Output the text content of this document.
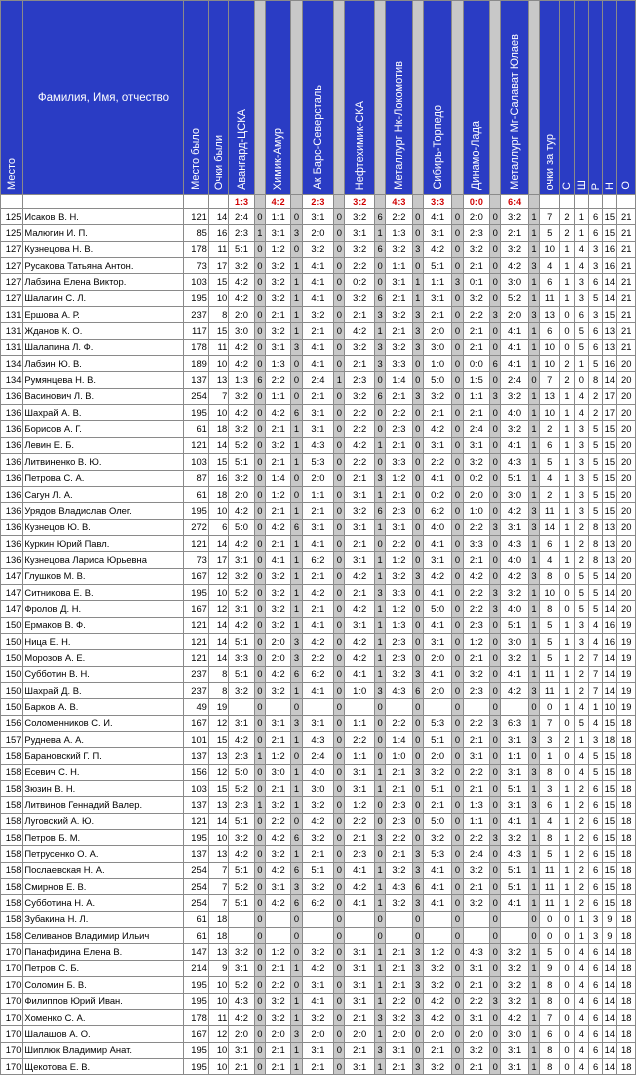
Место	Фамилия, Имя, отчество	Место было	Очки были	Авангард-ЦСКА		Химик-Амур		Ак Барс-Северсталь		Нефтехимик-СКА		Металлург Нк-Локомотив		Сибирь-Торпедо		Динамо-Лада		Металлург Мг-Салават Юлаев		очки за тур	С	Ш	Р	Н	О

				1:3		4:2		2:3		3:2		4:3		3:3		0:0		6:4							
125	Исаков В. Н.	121	14	2:4	0	1:1	0	3:1	0	3:2	6	2:2	0	4:1	0	2:0	0	3:2	1	7	2	1	6	15	21
125	Малюгин И. П.	85	16	2:3	1	3:1	3	2:0	0	3:1	1	1:3	0	3:1	0	2:3	0	2:1	1	5	2	1	6	15	21
127	Кузнецова Н. В.	178	11	5:1	0	1:2	0	3:2	0	3:2	6	3:2	3	4:2	0	3:2	0	3:2	1	10	1	4	3	16	21
127	Русакова Татьяна Антон.	73	17	3:2	0	3:2	1	4:1	0	2:2	0	1:1	0	5:1	0	2:1	0	4:2	3	4	1	4	3	16	21
127	Лабзина Елена Виктор.	103	15	4:2	0	3:2	1	4:1	0	0:2	0	3:1	1	1:1	3	0:1	0	3:0	1	6	1	3	6	14	21
127	Шалагин С. Л.	195	10	4:2	0	3:2	1	4:1	0	3:2	6	2:1	1	3:1	0	3:2	0	5:2	1	11	1	3	5	14	21
131	Ершова А. Р.	237	8	2:0	0	2:1	1	3:2	0	2:1	3	3:2	3	2:1	0	2:2	3	2:0	3	13	0	6	3	15	21
131	Жданов К. О.	117	15	3:0	0	3:2	1	2:1	0	4:2	1	2:1	3	2:0	0	2:1	0	4:1	1	6	0	5	6	13	21
131	Шалапина Л. Ф.	178	11	4:2	0	3:1	3	4:1	0	3:2	3	3:2	3	3:0	0	2:1	0	4:1	1	10	0	5	6	13	21
134	Лабзин Ю. В.	189	10	4:2	0	1:3	0	4:1	0	2:1	3	3:3	0	1:0	0	0:0	6	4:1	1	10	2	1	5	16	20
134	Румянцева Н. В.	137	13	1:3	6	2:2	0	2:4	1	2:3	0	1:4	0	5:0	0	1:5	0	2:4	0	7	2	0	8	14	20
136	Васинович Л. В.	254	7	3:2	0	1:1	0	2:1	0	3:2	6	2:1	3	3:2	0	1:1	3	3:2	1	13	1	4	2	17	20
136	Шахрай А. В.	195	10	4:2	0	4:2	6	3:1	0	2:2	0	2:2	0	2:1	0	2:1	0	4:0	1	10	1	4	2	17	20
136	Борисов А. Г.	61	18	3:2	0	2:1	1	3:1	0	2:2	0	2:3	0	4:2	0	2:4	0	3:2	1	2	1	3	5	15	20
136	Левин Е. Б.	121	14	5:2	0	3:2	1	4:3	0	4:2	1	2:1	0	3:1	0	3:1	0	4:1	1	6	1	3	5	15	20
136	Литвиненко В. Ю.	103	15	5:1	0	2:1	1	5:3	0	2:2	0	3:3	0	2:2	0	3:2	0	4:3	1	5	1	3	5	15	20
136	Петрова С. А.	87	16	3:2	0	1:4	0	2:0	0	2:1	3	1:2	0	4:1	0	0:2	0	5:1	1	4	1	3	5	15	20
136	Сагун Л. А.	61	18	2:0	0	1:2	0	1:1	0	3:1	1	2:1	0	0:2	0	2:0	0	3:0	1	2	1	3	5	15	20
136	Урядов Владислав Олег.	195	10	4:2	0	2:1	1	2:1	0	3:2	6	2:3	0	6:2	0	1:0	0	4:2	3	11	1	3	5	15	20
136	Кузнецов Ю. В.	272	6	5:0	0	4:2	6	3:1	0	3:1	1	3:1	0	4:0	0	2:2	3	3:1	3	14	1	2	8	13	20
136	Куркин Юрий Павл.	121	14	4:2	0	2:1	1	4:1	0	2:1	0	2:2	0	4:1	0	3:3	0	4:3	1	6	1	2	8	13	20
136	Кузнецова Лариса Юрьевна	73	17	3:1	0	4:1	1	6:2	0	3:1	1	1:2	0	3:1	0	2:1	0	4:0	1	4	1	2	8	13	20
147	Глушков М. В.	167	12	3:2	0	3:2	1	2:1	0	4:2	1	3:2	3	4:2	0	4:2	0	4:2	3	8	0	5	5	14	20
147	Ситникова Е. В.	195	10	5:2	0	3:2	1	4:2	0	2:1	3	3:3	0	4:1	0	2:2	3	3:2	1	10	0	5	5	14	20
147	Фролов Д. Н.	167	12	3:1	0	3:2	1	2:1	0	4:2	1	1:2	0	5:0	0	2:2	3	4:0	1	8	0	5	5	14	20
150	Ермаков В. Ф.	121	14	4:2	0	3:2	1	4:1	0	3:1	1	1:3	0	4:1	0	2:3	0	5:1	1	5	1	3	4	16	19
150	Ница Е. Н.	121	14	5:1	0	2:0	3	4:2	0	4:2	1	2:3	0	3:1	0	1:2	0	3:0	1	5	1	3	4	16	19
150	Морозов А. Е.	121	14	3:3	0	2:0	3	2:2	0	4:2	1	2:3	0	2:0	0	2:1	0	3:2	1	5	1	2	7	14	19
150	Субботин В. Н.	237	8	5:1	0	4:2	6	6:2	0	4:1	1	3:2	3	4:1	0	3:2	0	4:1	1	11	1	2	7	14	19
150	Шахрай Д. В.	237	8	3:2	0	3:2	1	4:1	0	1:0	3	4:3	6	2:0	0	2:3	0	4:2	3	11	1	2	7	14	19
150	Барков А. В.	49	19		0		0		0		0		0		0		0		0	0	1	4	1	10	19
156	Соломенников С. И.	167	12	3:1	0	3:1	3	3:1	0	1:1	0	2:2	0	5:3	0	2:2	3	6:3	1	7	0	5	4	15	18
157	Руднева А. А.	101	15	4:2	0	2:1	1	4:3	0	2:2	0	1:4	0	5:1	0	2:1	0	3:1	3	3	2	1	3	18	18
158	Барановский Г. П.	137	13	2:3	1	1:2	0	2:4	0	1:1	0	1:0	0	2:0	0	3:1	0	1:1	0	1	0	4	5	15	18
158	Есевич С. Н.	156	12	5:0	0	3:0	1	4:0	0	3:1	1	2:1	3	3:2	0	2:2	0	3:1	3	8	0	4	5	15	18
158	Зюзин В. Н.	103	15	5:2	0	2:1	1	3:0	0	3:1	1	2:1	0	5:1	0	2:1	0	5:1	1	3	1	2	6	15	18
158	Литвинов Геннадий Валер.	137	13	2:3	1	3:2	1	3:2	0	1:2	0	2:3	0	2:1	0	1:3	0	3:1	3	6	1	2	6	15	18
158	Луговский А. Ю.	121	14	5:1	0	2:2	0	4:2	0	2:2	0	2:3	0	5:0	0	1:1	0	4:1	1	4	1	2	6	15	18
158	Петров Б. М.	195	10	3:2	0	4:2	6	3:2	0	2:1	3	2:2	0	3:2	0	2:2	3	3:2	1	8	1	2	6	15	18
158	Петрусенко О. А.	137	13	4:2	0	3:2	1	2:1	0	2:3	0	2:1	3	5:3	0	2:4	0	4:3	1	5	1	2	6	15	18
158	Послаевская Н. А.	254	7	5:1	0	4:2	6	5:1	0	4:1	1	3:2	3	4:1	0	3:2	0	5:1	1	11	1	2	6	15	18
158	Смирнов Е. В.	254	7	5:2	0	3:1	3	3:2	0	4:2	1	4:3	6	4:1	0	2:1	0	5:1	1	11	1	2	6	15	18
158	Субботина Н. А.	254	7	5:1	0	4:2	6	6:2	0	4:1	1	3:2	3	4:1	0	3:2	0	4:1	1	11	1	2	6	15	18
158	Зубакина Н. Л.	61	18		0		0		0		0		0		0		0		0	0	0	1	3	9	18
158	Селиванов Владимир Ильич	61	18		0		0		0		0		0		0		0		0	0	0	1	3	9	18
170	Панафидина Елена В.	147	13	3:2	0	1:2	0	3:2	0	3:1	1	2:1	3	1:2	0	4:3	0	3:2	1	5	0	4	6	14	18
170	Петров С. Б.	214	9	3:1	0	2:1	1	4:2	0	3:1	1	2:1	3	3:2	0	3:1	0	3:2	1	9	0	4	6	14	18
170	Соломин Б. В.	195	10	5:2	0	2:2	0	3:1	0	3:1	1	2:1	3	3:2	0	2:1	0	3:2	1	8	0	4	6	14	18
170	Филиппов Юрий Иван.	195	10	4:3	0	3:2	1	4:1	0	3:1	1	2:2	0	4:2	0	2:2	3	3:2	1	8	0	4	6	14	18
170	Хоменко С. А.	178	11	4:2	0	3:2	1	3:2	0	2:1	3	3:2	3	4:2	0	3:1	0	4:2	1	7	0	4	6	14	18
170	Шалашов А. О.	167	12	2:0	0	2:0	3	2:0	0	2:0	1	2:0	0	2:0	0	2:0	0	3:0	1	6	0	4	6	14	18
170	Шиплюк Владимир Анат.	195	10	3:1	0	2:1	1	3:1	0	2:1	3	3:1	0	2:1	0	3:2	0	3:1	1	8	0	4	6	14	18
170	Щекотова Е. В.	195	10	2:1	0	2:1	1	2:1	0	3:1	1	2:1	3	3:2	0	2:1	0	3:1	1	8	0	4	6	14	18
